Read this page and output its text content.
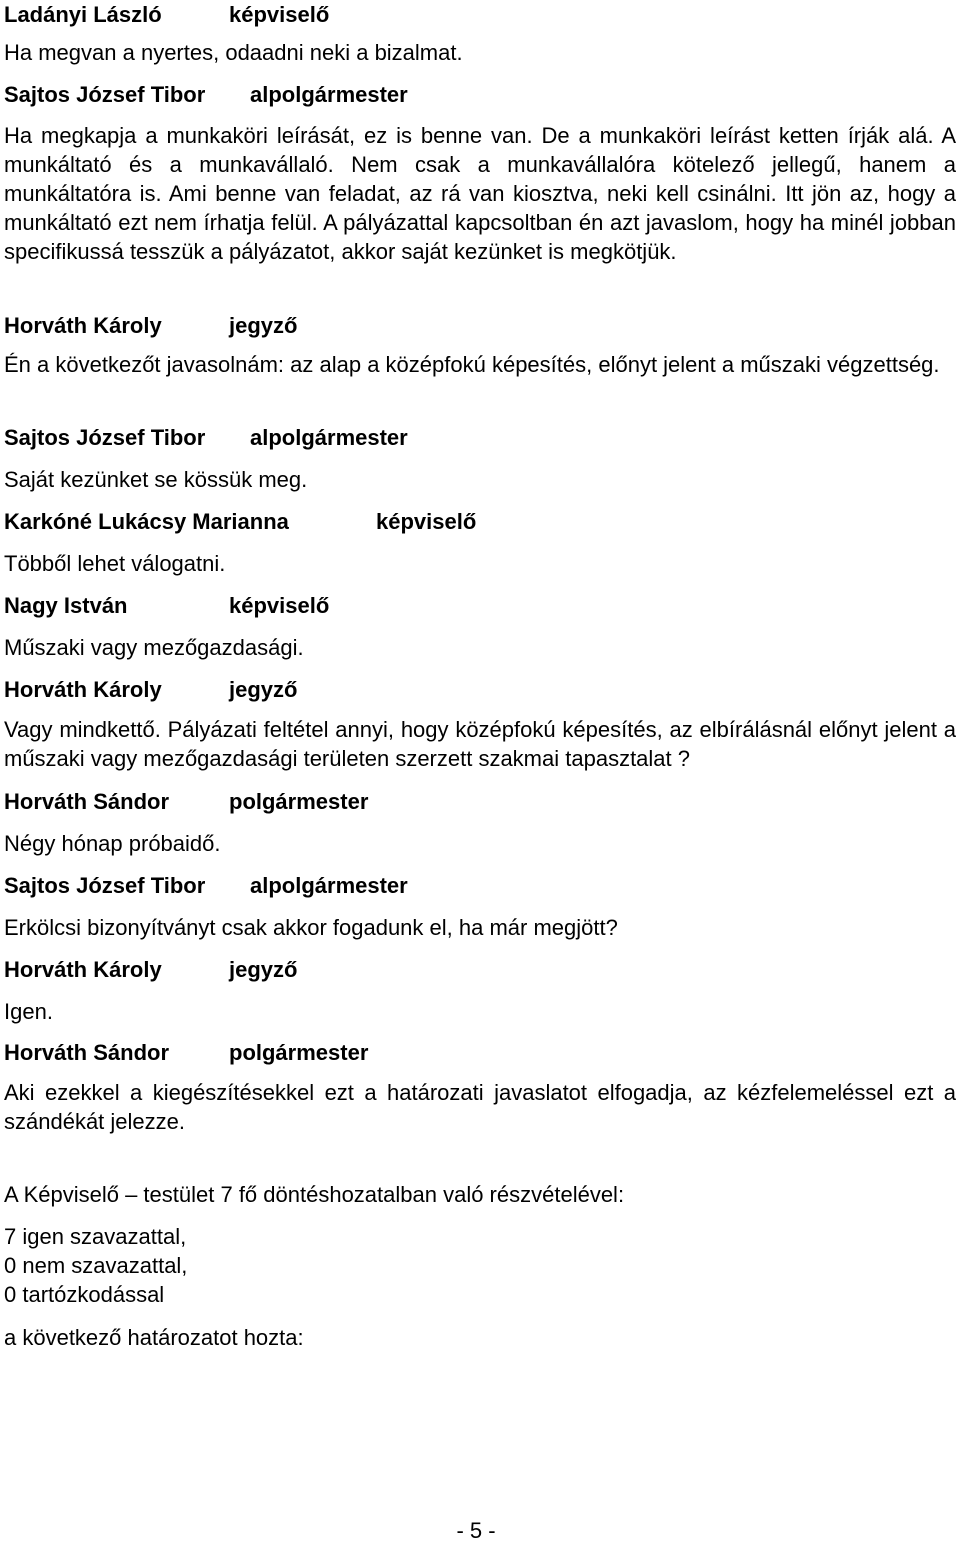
Ladányi László	képviselő

Ha megvan a nyertes, odaadni neki a bizalmat.

Sajtos József Tibor alpolgármester

Ha megkapja a munkaköri leírását, ez is benne van. De a munkaköri leírást ketten írják alá. A munkáltató és a munkavállaló. Nem csak a munkavállalóra kötelező jellegű, hanem a munkáltatóra is. Ami benne van feladat, az rá van kiosztva, neki kell csinálni. Itt jön az, hogy a munkáltató ezt nem írhatja felül. A pályázattal kapcsoltban én azt javaslom, hogy ha minél jobban specifikussá tesszük a pályázatot, akkor saját kezünket is megkötjük.

Horváth Károly	jegyző

Én a következőt javasolnám: az alap a középfokú képesítés, előnyt jelent a műszaki végzettség.

Sajtos József Tibor alpolgármester

Saját kezünket se kössük meg.

Karkóné Lukácsy Marianna	képviselő

Többől lehet válogatni.

Nagy István	képviselő

Műszaki vagy mezőgazdasági.

Horváth Károly	jegyző

Vagy mindkettő. Pályázati feltétel annyi, hogy középfokú képesítés, az elbírálásnál előnyt jelent a műszaki vagy mezőgazdasági területen szerzett szakmai tapasztalat ?

Horváth Sándor	polgármester

Négy hónap próbaidő.

Sajtos József Tibor alpolgármester

Erkölcsi bizonyítványt csak akkor fogadunk el, ha már megjött?

Horváth Károly	jegyző

Igen.

Horváth Sándor	polgármester

Aki ezekkel a kiegészítésekkel ezt a határozati javaslatot elfogadja, az kézfelemeléssel ezt a szándékát jelezze.

A Képviselő – testület 7 fő döntéshozatalban való részvételével:

7 igen szavazattal,

0 nem szavazattal,

0 tartózkodással

a következő határozatot hozta:

- 5 -
